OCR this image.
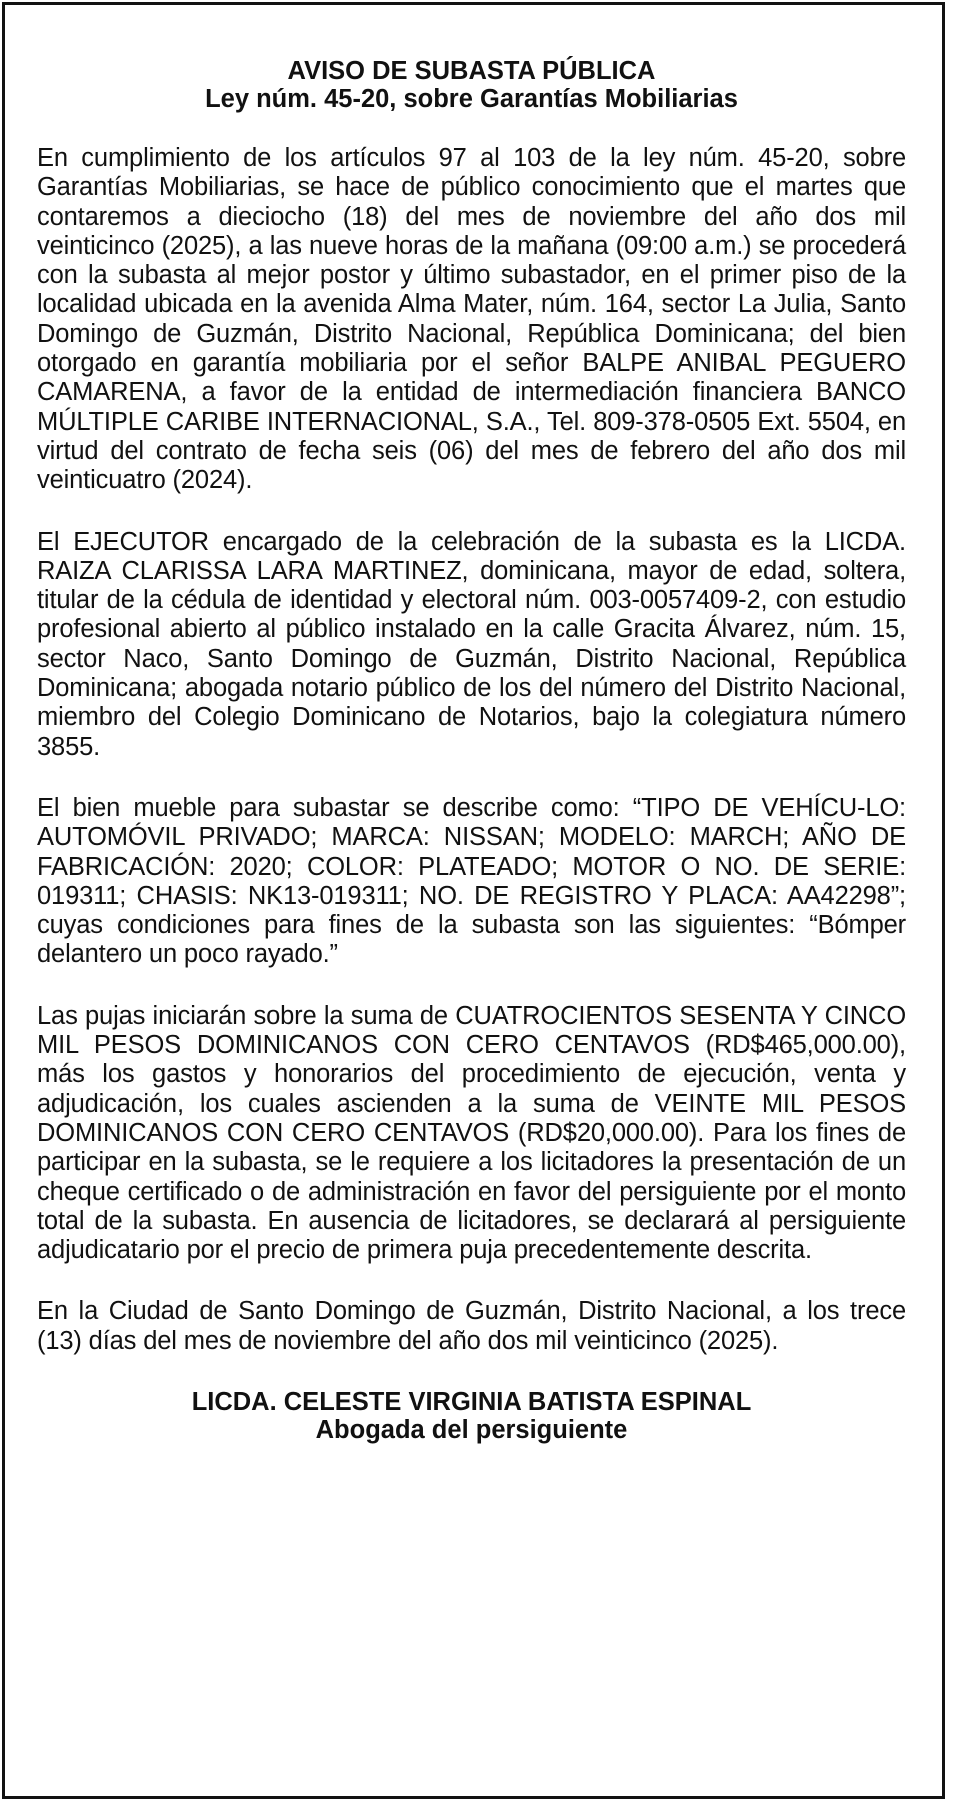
AVISO DE SUBASTA PÚBLICA
Ley núm. 45-20, sobre Garantías Mobiliarias

En cumplimiento de los artículos 97 al 103 de la ley núm. 45-20, sobre Garantías Mobiliarias, se hace de público conocimiento que el martes que contaremos a dieciocho (18) del mes de noviembre del año dos mil veinticinco (2025), a las nueve horas de la mañana (09:00 a.m.) se procederá con la subasta al mejor postor y último subastador, en el primer piso de la localidad ubicada en la avenida Alma Mater, núm. 164, sector La Julia, Santo Domingo de Guzmán, Distrito Nacional, República Dominicana; del bien otorgado en garantía mobiliaria por el señor BALPE ANIBAL PEGUERO CAMARENA, a favor de la entidad de intermediación financiera BANCO MÚLTIPLE CARIBE INTERNACIONAL, S.A., Tel. 809-378-0505 Ext. 5504, en virtud del contrato de fecha seis (06) del mes de febrero del año dos mil veinticuatro (2024).

El EJECUTOR encargado de la celebración de la subasta es la LICDA. RAIZA CLARISSA LARA MARTINEZ, dominicana, mayor de edad, soltera, titular de la cédula de identidad y electoral núm. 003-0057409-2, con estudio profesional abierto al público instalado en la calle Gracita Álvarez, núm. 15, sector Naco, Santo Domingo de Guzmán, Distrito Nacional, República Dominicana; abogada notario público de los del número del Distrito Nacional, miembro del Colegio Dominicano de Notarios, bajo la colegiatura número 3855.

El bien mueble para subastar se describe como: “TIPO DE VEHÍCU-LO: AUTOMÓVIL PRIVADO; MARCA: NISSAN; MODELO: MARCH; AÑO DE FABRICACIÓN: 2020; COLOR: PLATEADO; MOTOR O NO. DE SERIE: 019311; CHASIS: NK13-019311; NO. DE REGISTRO Y PLACA: AA42298”; cuyas condiciones para fines de la subasta son las siguientes: “Bómper delantero un poco rayado.”

Las pujas iniciarán sobre la suma de CUATROCIENTOS SESENTA Y CINCO MIL PESOS DOMINICANOS CON CERO CENTAVOS (RD$465,000.00), más los gastos y honorarios del procedimiento de ejecución, venta y adjudicación, los cuales ascienden a la suma de VEINTE MIL PESOS DOMINICANOS CON CERO CENTAVOS (RD$20,000.00). Para los fines de participar en la subasta, se le requiere a los licitadores la presentación de un cheque certificado o de administración en favor del persiguiente por el monto total de la subasta. En ausencia de licitadores, se declarará al persiguiente adjudicatario por el precio de primera puja precedentemente descrita.

En la Ciudad de Santo Domingo de Guzmán, Distrito Nacional, a los trece (13) días del mes de noviembre del año dos mil veinticinco (2025).

LICDA. CELESTE VIRGINIA BATISTA ESPINAL
Abogada del persiguiente
